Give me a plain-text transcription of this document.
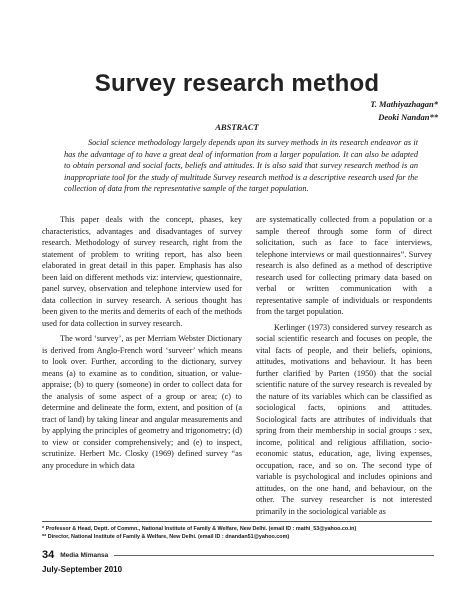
Survey research method
T. Mathiyazhagan*
Deoki Nandan**
ABSTRACT

Social science methodology largely depends upon its survey methods in its research endeavor as it has the advantage of to have a great deal of information from a larger population. It can also be adapted to obtain personal and social facts, beliefs and attitudes. It is also said that survey research method is an inappropriate tool for the study of multitude Survey research method is a descriptive research used for the collection of data from the representative sample of the target population.

This paper deals with the concept, phases, key characteristics, advantages and disadvantages of survey research. Methodology of survey research, right from the statement of problem to writing report, has also been elaborated in great detail in this paper. Emphasis has also been laid on different methods viz: interview, questionnaire, panel survey, observation and telephone interview used for data collection in survey research. A serious thought has been given to the merits and demerits of each of the methods used for data collection in survey research.

The word ‘survey’, as per Merriam Webster Dictionary is derived from Anglo-French word ‘surveer’ which means to look over. Further, according to the dictionary, survey means (a) to examine as to condition, situation, or value-appraise; (b) to query (someone) in order to collect data for the analysis of some aspect of a group or area; (c) to determine and delineate the form, extent, and position of (a tract of land) by taking linear and angular measurements and by applying the principles of geometry and trigonometry; (d) to view or consider comprehensively; and (e) to inspect, scrutinize. Herbert Mc. Closky (1969) defined survey “as any procedure in which data

are systematically collected from a population or a sample thereof through some form of direct solicitation, such as face to face interviews, telephone interviews or mail questionnaires”. Survey research is also defined as a method of descriptive research used for collecting primary data based on verbal or written communication with a representative sample of individuals or respondents from the target population.

Kerlinger (1973) considered survey research as social scientific research and focuses on people, the vital facts of people, and their beliefs, opinions, attitudes, motivations and behaviour. It has been further clarified by Parten (1950) that the social scientific nature of the survey research is revealed by the nature of its variables which can be classified as sociological facts, opinions and attitudes. Sociological facts are attributes of individuals that spring from their membership in social groups : sex, income, political and religious affiliation, socio-economic status, education, age, living expenses, occupation, race, and so on. The second type of variable is psychological and includes opinions and attitudes, on the one hand, and behaviour, on the other. The survey researcher is not interested primarily in the sociological variable as

* Professor & Head, Deptt. of Commn., National Institute of Family & Welfare, New Delhi. (email ID : mathi_53@yahoo.co.in)
** Director, National Institute of Family & Welfare, New Delhi. (email ID : dnandan51@yahoo.com)
34 Media Mimansa
July-September 2010
